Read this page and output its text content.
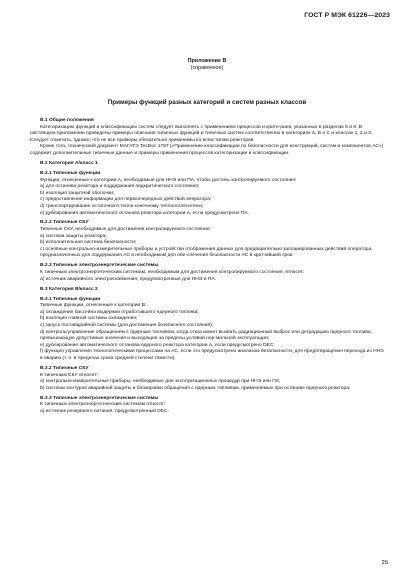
ГОСТ Р МЭК 61226—2023
Приложение В
(справочное)
Примеры функций разных категорий и систем разных классов

В.1 Общие положения

Категоризацию функций и классификацию систем следует выполнять с применением процессов и крите-риев, указанных в разделах 5 и 6. В настоящем приложении приведены примеры описания типичных функций и типичных систем соответственно в категориях А, В и С и классах 1, 2 и 3. Следует отметить, однако, что не все примеры обязательно применимы ко всем типам реакторов.

Кроме того, технический документ МАГАТЭ TecDoc 1787 («Применение классификации по безопасности для конструкций, систем и компонентов АС») содержит дополнительные типичные данные и примеры применения процессов категоризации и классификации.

В.2 Категория А/класс 1

В.2.1 Типичные функции

Функции, отнесенные к категории А, необходимые для ННЭ или ПА, чтобы достичь контролируемого состояния:

a) для останова реактора и поддержания подкритического состояния;

b) изоляция защитной оболочки;

c) предоставление информации для первоочередных действий оператора;

d) транспортирование остаточного тепла конечному теплопоглотителю;

e) дублирования автоматического останова реактора категории А, если предусмотрено ПА.

В.2.2 Типичные СКУ

Типичные СКУ, необходимые для достижения контролируемого состояния:

a) система защиты реактора;

b) исполнительная система безопасности;

c) основные контрольно-измерительные приборы и устройства отображения данных для предварительно запланированных действий оператора, предназначенных для поддержания АС в необходимом для обе-спечения безопасности АС в кратчайший срок.

В.2.3 Типичные электроэнергетические системы

К типичным электроэнергетическим системам, необходимым для достижения контролируемого состояния, относят:

a) источник аварийного электроснабжения, предусмотренные для ННЭ и ПА.

В.3 Категория В/класс 2

В.3.1 Типичные функции

Типичные функции, отнесенные к категории В:

a) охлаждение бассейна выдержки отработавшего ядерного топлива;

b) изоляция главной системы охлаждения;

c) запуск поставарийной системы (для достижения безопасного состояния);

d) контроль/управление обращением с ядерным топливом, когда отказ может вызвать радиационный выброс или деградацию ядерного топлива, превышающую допустимые значения и выходящие за пределы условий нор-мальной эксплуатации;

e) дублирование автоматического останова ядерного реактора категории А, если предусмотрено DEC;

f) функция управления технологическими процессами на АС, если это предусмотрено анализом безопасности, для предотвращения перехода из ННЭ в аварию (т. е. в пределах срока средней степени тяжести).

В.3.2 Типичные СКУ

К типичным СКУ относят:

a) контрольно-измерительные приборы, необходимые для эксплуатационных процедур при ННЭ или ПА;

b) системы контуров аварийной защиты и блокировки обращения с ядерным топливом, применяемые при останове ядерного реактора.

В.3.3 Типичные электроэнергетические системы

К типичным электроэнергетическим системам относят:

a) источник резервного питания, предусмотренный DEC.

25
